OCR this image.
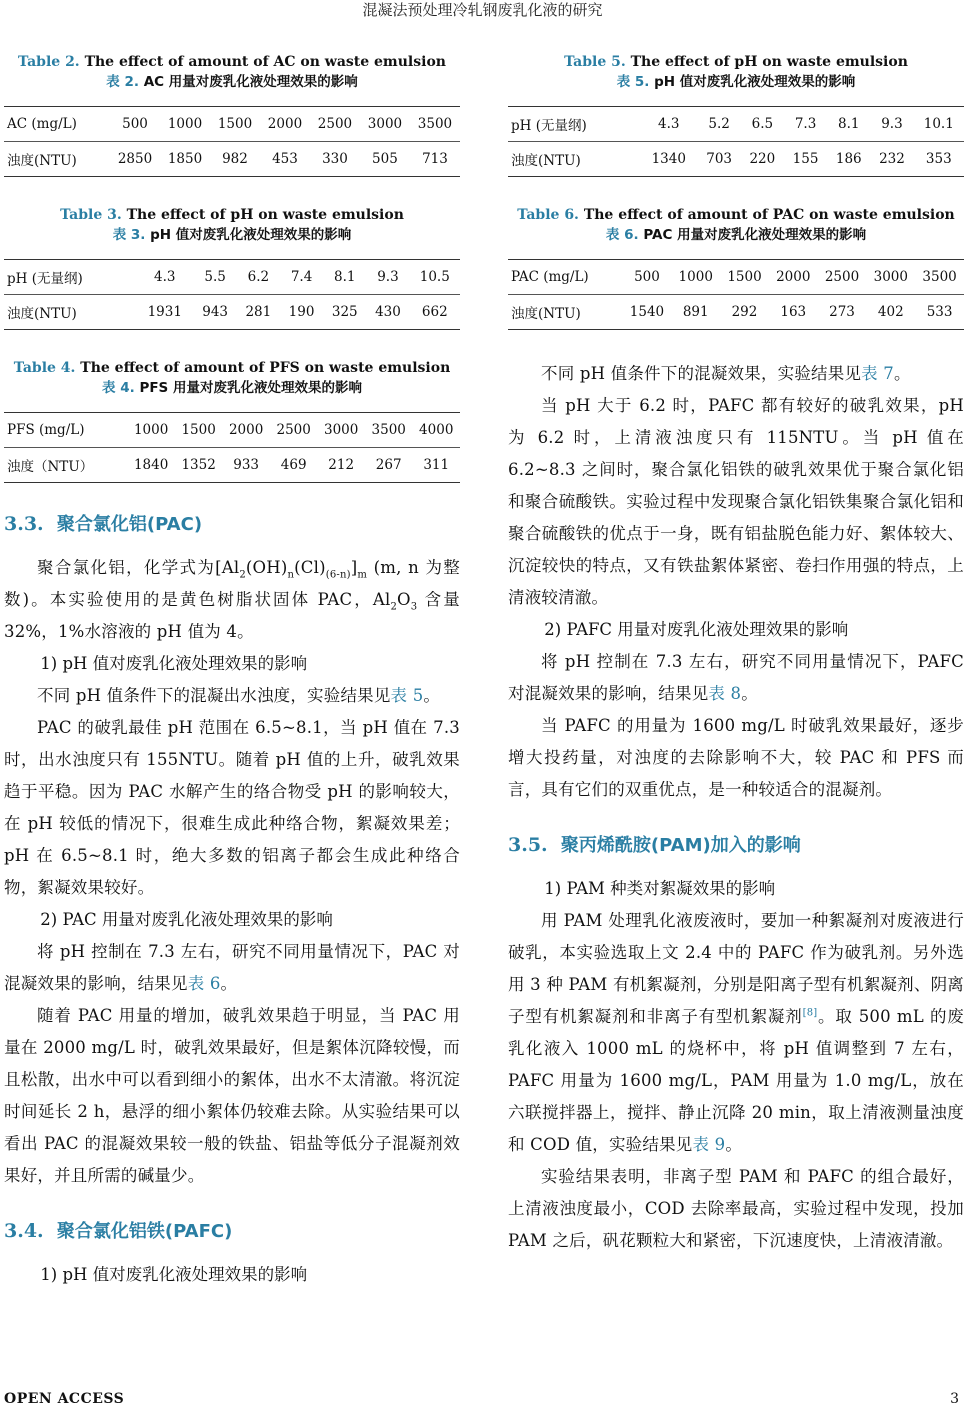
混凝法预处理冷轧钢废乳化液的研究
Table 2. The effect of amount of AC on waste emulsion
表 2. AC 用量对废乳化液处理效果的影响
AC (mg/L)	500	1000	1500	2000	2500	3000	3500
浊度(NTU)	2850	1850	982	453	330	505	713
Table 3. The effect of pH on waste emulsion
表 3. pH 值对废乳化液处理效果的影响
pH (无量纲)	4.3	5.5	6.2	7.4	8.1	9.3	10.5
浊度(NTU)	1931	943	281	190	325	430	662
Table 4. The effect of amount of PFS on waste emulsion
表 4. PFS 用量对废乳化液处理效果的影响
PFS (mg/L)	1000	1500	2000	2500	3000	3500	4000
浊度（NTU）	1840	1352	933	469	212	267	311
3.3. 聚合氯化铝(PAC)

聚合氯化铝，化学式为$[Al_2(OH)_n(Cl)_{(6-n)}]_m$ (m, n 为整数)。本实验使用的是黄色树脂状固体 PAC，$Al_2O_3$ 含量 32%，1%水溶液的 pH 值为 4。

1) pH 值对废乳化液处理效果的影响

不同 pH 值条件下的混凝出水浊度，实验结果见表 5。

PAC 的破乳最佳 pH 范围在 6.5~8.1，当 pH 值在 7.3 时，出水浊度只有 155NTU。随着 pH 值的上升，破乳效果趋于平稳。因为 PAC 水解产生的络合物受 pH 的影响较大，在 pH 较低的情况下，很难生成此种络合物，絮凝效果差；pH 在 6.5~8.1 时，绝大多数的铝离子都会生成此种络合物，絮凝效果较好。

2) PAC 用量对废乳化液处理效果的影响

将 pH 控制在 7.3 左右，研究不同用量情况下，PAC 对混凝效果的影响，结果见表 6。

随着 PAC 用量的增加，破乳效果趋于明显，当 PAC 用量在 2000 mg/L 时，破乳效果最好，但是絮体沉降较慢，而且松散，出水中可以看到细小的絮体，出水不太清澈。将沉淀时间延长 2 h，悬浮的细小絮体仍较难去除。从实验结果可以看出 PAC 的混凝效果较一般的铁盐、铝盐等低分子混凝剂效果好，并且所需的碱量少。

3.4. 聚合氯化铝铁(PAFC)

1) pH 值对废乳化液处理效果的影响

Table 5. The effect of pH on waste emulsion
表 5. pH 值对废乳化液处理效果的影响
pH (无量纲)	4.3	5.2	6.5	7.3	8.1	9.3	10.1
浊度(NTU)	1340	703	220	155	186	232	353
Table 6. The effect of amount of PAC on waste emulsion
表 6. PAC 用量对废乳化液处理效果的影响
PAC (mg/L)	500	1000	1500	2000	2500	3000	3500
浊度(NTU)	1540	891	292	163	273	402	533

不同 pH 值条件下的混凝效果，实验结果见表 7。

当 pH 大于 6.2 时，PAFC 都有较好的破乳效果，pH 为 6.2 时，上清液浊度只有 115NTU。当 pH 值在 6.2~8.3 之间时，聚合氯化铝铁的破乳效果优于聚合氯化铝和聚合硫酸铁。实验过程中发现聚合氯化铝铁集聚合氯化铝和聚合硫酸铁的优点于一身，既有铝盐脱色能力好、絮体较大、沉淀较快的特点，又有铁盐絮体紧密、卷扫作用强的特点，上清液较清澈。

2) PAFC 用量对废乳化液处理效果的影响

将 pH 控制在 7.3 左右，研究不同用量情况下，PAFC 对混凝效果的影响，结果见表 8。

当 PAFC 的用量为 1600 mg/L 时破乳效果最好，逐步增大投药量，对浊度的去除影响不大，较 PAC 和 PFS 而言，具有它们的双重优点，是一种较适合的混凝剂。

3.5. 聚丙烯酰胺(PAM)加入的影响

1) PAM 种类对絮凝效果的影响

用 PAM 处理乳化液废液时，要加一种絮凝剂对废液进行破乳，本实验选取上文 2.4 中的 PAFC 作为破乳剂。另外选用 3 种 PAM 有机絮凝剂，分别是阳离子型有机絮凝剂、阴离子型有机絮凝剂和非离子有型机絮凝剂[8]。取 500 mL 的废乳化液入 1000 mL 的烧杯中，将 pH 值调整到 7 左右，PAFC 用量为 1600 mg/L，PAM 用量为 1.0 mg/L，放在六联搅拌器上，搅拌、静止沉降 20 min，取上清液测量浊度和 COD 值，实验结果见表 9。

实验结果表明，非离子型 PAM 和 PAFC 的组合最好，上清液浊度最小，COD 去除率最高，实验过程中发现，投加 PAM 之后，矾花颗粒大和紧密，下沉速度快，上清液清澈。

OPEN ACCESS	3
